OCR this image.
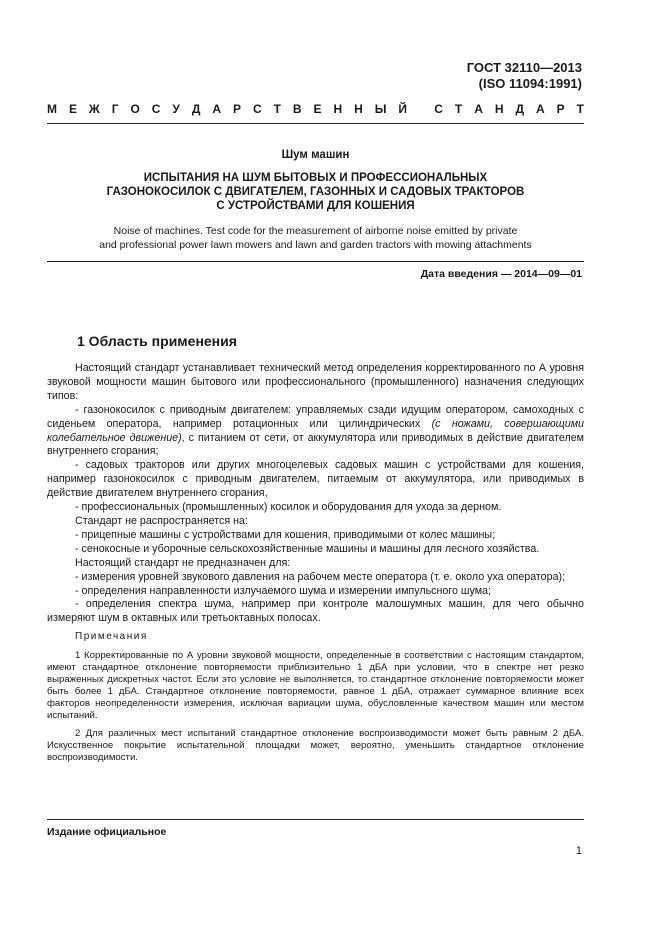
ГОСТ 32110—2013
(ISO 11094:1991)
М Е Ж Г О С У Д А Р С Т В Е Н Н Ы Й
С Т А Н Д А Р Т
Шум машин
ИСПЫТАНИЯ НА ШУМ БЫТОВЫХ И ПРОФЕССИОНАЛЬНЫХ
ГАЗОНОКОСИЛОК С ДВИГАТЕЛЕМ, ГАЗОННЫХ И САДОВЫХ ТРАКТОРОВ
С УСТРОЙСТВАМИ ДЛЯ КОШЕНИЯ
Noise of machines. Test code for the measurement of airborne noise emitted by private
and professional power lawn mowers and lawn and garden tractors with mowing attachments
Дата введения — 2014—09—01
1 Область применения

Настоящий стандарт устанавливает технический метод определения корректированного по А уровня звуковой мощности машин бытового или профессионального (промышленного) назначения следующих типов:

- газонокосилок с приводным двигателем: управляемых сзади идущим оператором, самоходных с сиденьем оператора, например ротационных или цилиндрических (с ножами, совершающими колебательное движение), с питанием от сети, от аккумулятора или приводимых в действие двигателем внутреннего сгорания;

- садовых тракторов или других многоцелевых садовых машин с устройствами для кошения, например газонокосилок с приводным двигателем, питаемым от аккумулятора, или приводимых в действие двигателем внутреннего сгорания,

- профессиональных (промышленных) косилок и оборудования для ухода за дерном.

Стандарт не распространяется на:

- прицепные машины с устройствами для кошения, приводимыми от колес машины;

- сенокосные и уборочные сельскохозяйственные машины и машины для лесного хозяйства.

Настоящий стандарт не предназначен для:

- измерения уровней звукового давления на рабочем месте оператора (т. е. около уха оператора);

- определения направленности излучаемого шума и измерении импульсного шума;

- определения спектра шума, например при контроле малошумных машин, для чего обычно измеряют шум в октавных или третьоктавных полосах.

Примечания

1 Корректированные по А уровни звуковой мощности, определенные в соответствии с настоящим стандартом, имеют стандартное отклонение повторяемости приблизительно 1 дБА при условии, что в спектре нет резко выраженных дискретных частот. Если это условие не выполняется, то стандартное отклонение повторяемости может быть более 1 дБА. Стандартное отклонение повторяемости, равное 1 дБА, отражает суммарное влияние всех факторов неопределенности измерения, исключая вариации шума, обусловленные качеством машин или местом испытаний.

2 Для различных мест испытаний стандартное отклонение воспроизводимости может быть равным 2 дБА. Искусственное покрытие испытательной площадки может, вероятно, уменьшить стандартное отклонение воспроизводимости.

Издание официальное
1
